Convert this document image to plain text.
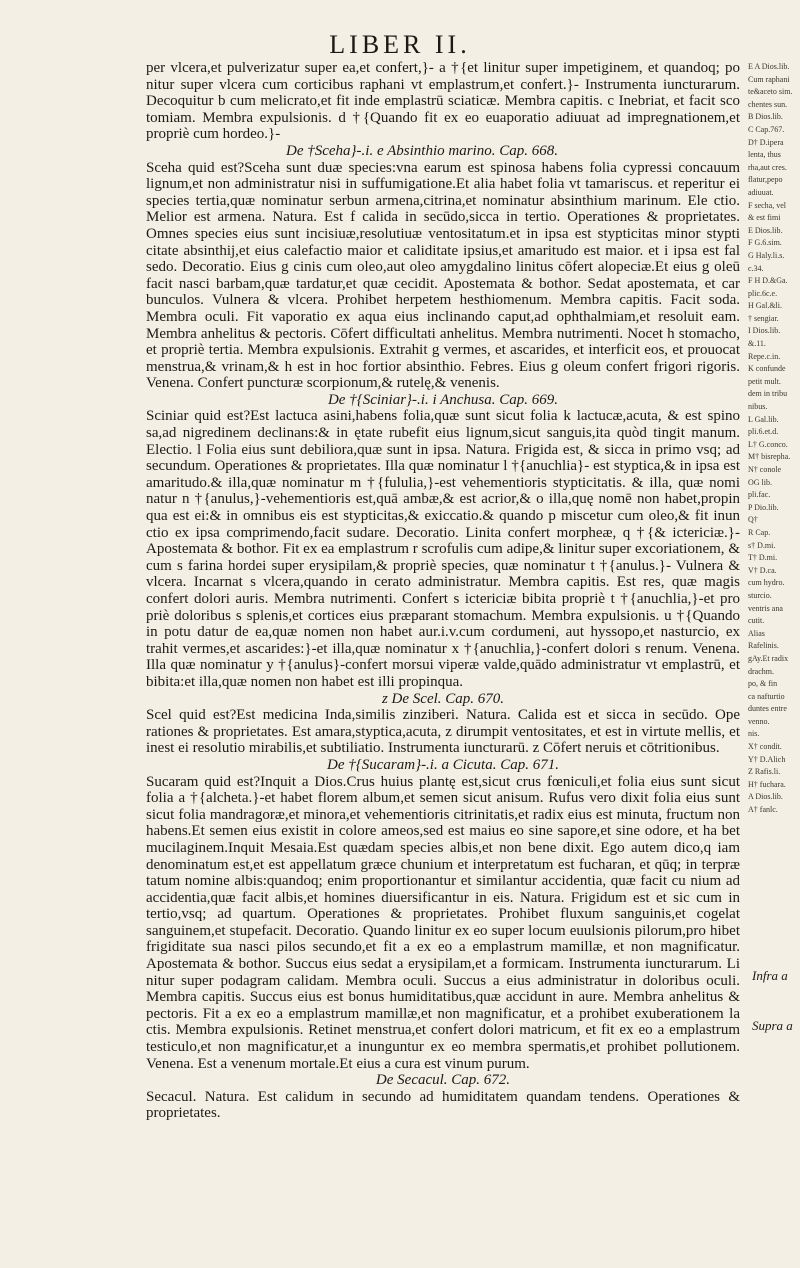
LIBER II.

per vlcera,et pulverizatur super ea,et confert,}- a †{et linitur super impetiginem, et quandoq; po nitur super vlcera cum corticibus raphani vt emplastrum,et confert.}- Instrumenta iuncturarum. Decoquitur b cum melicrato,et fit inde emplastrū sciaticæ. Membra capitis. c Inebriat, et facit sco tomiam. Membra expulsionis. d †{Quando fit ex eo euaporatio adiuuat ad impregnationem,et propriè cum hordeo.}-

De †Sceha}-.i. e Absinthio marino. Cap. 668.

Sceha quid est?Sceha sunt duæ species:vna earum est spinosa habens folia cypressi concauum lignum,et non administratur nisi in suffumigatione.Et alia habet folia vt tamariscus. et reperitur ei species tertia,quæ nominatur serbun armena,citrina,et nominatur absinthium marinum. Ele ctio. Melior est armena. Natura. Est f calida in secūdo,sicca in tertio. Operationes & proprietates. Omnes species eius sunt incisiuæ,resolutiuæ ventositatum.et in ipsa est stypticitas minor stypti citate absinthij,et eius calefactio maior et caliditate ipsius,et amaritudo est maior. et i ipsa est fal sedo. Decoratio. Eius g cinis cum oleo,aut oleo amygdalino linitus cōfert alopeciæ.Et eius g oleū facit nasci barbam,quæ tardatur,et quæ cecidit. Apostemata & bothor. Sedat apostemata, et car bunculos. Vulnera & vlcera. Prohibet herpetem hesthiomenum. Membra capitis. Facit soda. Membra oculi. Fit vaporatio ex aqua eius inclinando caput,ad ophthalmiam,et resoluit eam. Membra anhelitus & pectoris. Cōfert difficultati anhelitus. Membra nutrimenti. Nocet h stomacho, et propriè tertia. Membra expulsionis. Extrahit g vermes, et ascarides, et interficit eos, et prouocat menstrua,& vrinam,& h est in hoc fortior absinthio. Febres. Eius g oleum confert frigori rigoris. Venena. Confert puncturæ scorpionum,& rutelę,& venenis.

De †{Sciniar}-.i. i Anchusa. Cap. 669.

Sciniar quid est?Est lactuca asini,habens folia,quæ sunt sicut folia k lactucæ,acuta, & est spino sa,ad nigredinem declinans:& in ętate rubefit eius lignum,sicut sanguis,ita quòd tingit manum. Electio. l Folia eius sunt debiliora,quæ sunt in ipsa. Natura. Frigida est, & sicca in primo vsq; ad secundum. Operationes & proprietates. Illa quæ nominatur l †{anuchlia}- est styptica,& in ipsa est amaritudo.& illa,quæ nominatur m †{fululia,}-est vehementioris stypticitatis. & illa, quæ nomi natur n †{anulus,}-vehementioris est,quā ambæ,& est acrior,& o illa,quę nomē non habet,propin qua est ei:& in omnibus eis est stypticitas,& exiccatio.& quando p miscetur cum oleo,& fit inun ctio ex ipsa comprimendo,facit sudare. Decoratio. Linita confert morpheæ, q †{& ictericiæ.}- Apostemata & bothor. Fit ex ea emplastrum r scrofulis cum adipe,& linitur super excoriationem, & cum s farina hordei super erysipilam,& propriè species, quæ nominatur t †{anulus.}- Vulnera & vlcera. Incarnat s vlcera,quando in cerato administratur. Membra capitis. Est res, quæ magis confert dolori auris. Membra nutrimenti. Confert s ictericiæ bibita propriè t †{anuchlia,}-et pro priè doloribus s splenis,et cortices eius præparant stomachum. Membra expulsionis. u †{Quando in potu datur de ea,quæ nomen non habet aur.i.v.cum cordumeni, aut hyssopo,et nasturcio, ex trahit vermes,et ascarides:}-et illa,quæ nominatur x †{anuchlia,}-confert dolori s renum. Venena. Illa quæ nominatur y †{anulus}-confert morsui viperæ valde,quādo administratur vt emplastrū, et bibita:et illa,quæ nomen non habet est illi propinqua.

z De Scel. Cap. 670.

Scel quid est?Est medicina Inda,similis zinziberi. Natura. Calida est et sicca in secūdo. Ope rationes & proprietates. Est amara,styptica,acuta, z dirumpit ventositates, et est in virtute mellis, et inest ei resolutio mirabilis,et subtiliatio. Instrumenta iuncturarū. z Cōfert neruis et cōtritionibus.

De †{Sucaram}-.i. a Cicuta. Cap. 671.

Sucaram quid est?Inquit a Dios.Crus huius plantę est,sicut crus fœniculi,et folia eius sunt sicut folia a †{alcheta.}-et habet florem album,et semen sicut anisum. Rufus vero dixit folia eius sunt sicut folia mandragoræ,et minora,et vehementioris citrinitatis,et radix eius est minuta, fructum non habens.Et semen eius existit in colore ameos,sed est maius eo sine sapore,et sine odore, et ha bet mucilaginem.Inquit Mesaia.Est quædam species albis,et non bene dixit. Ego autem dico,q iam denominatum est,et est appellatum græce chunium et interpretatum est fucharan, et qūq; in terpræ tatum nomine albis:quandoq; enim proportionantur et similantur accidentia, quæ facit cu nium ad accidentia,quæ facit albis,et homines diuersificantur in eis. Natura. Frigidum est et sic cum in tertio,vsq; ad quartum. Operationes & proprietates. Prohibet fluxum sanguinis,et cogelat sanguinem,et stupefacit. Decoratio. Quando linitur ex eo super locum euulsionis pilorum,pro hibet frigiditate sua nasci pilos secundo,et fit a ex eo a emplastrum mamillæ, et non magnificatur. Apostemata & bothor. Succus eius sedat a erysipilam,et a formicam. Instrumenta iuncturarum. Li nitur super podagram calidam. Membra oculi. Succus a eius administratur in doloribus oculi. Membra capitis. Succus eius est bonus humiditatibus,quæ accidunt in aure. Membra anhelitus & pectoris. Fit a ex eo a emplastrum mamillæ,et non magnificatur, et a prohibet exuberationem la ctis. Membra expulsionis. Retinet menstrua,et confert dolori matricum, et fit ex eo a emplastrum testiculo,et non magnificatur,et a inunguntur ex eo membra spermatis,et prohibet pollutionem. Venena. Est a venenum mortale.Et eius a cura est vinum purum.

De Secacul. Cap. 672.

Secacul. Natura. Est calidum in secundo ad humiditatem quandam tendens. Operationes & proprietates.

E A Dios.lib.
Cum raphani
te&aceto sim.
chentes sun.
B Dios.lib.
C Cap.767.
D† D.ipera
lenta, thus
rha,aut cres.
flatur,pepo
adiuuat.
F secha, vel
& est fimi
E Dios.lib.
F G.6.sim.
G Haly.li.s.
c.34.
F H D.&Ga.
plic.6c.e.
H Gal.&li.
† sengiar.
I Dios.lib.
&.11.
Repe.c.in.
K confunde
petit mult.
dem in tribu
nibus.
L Gal.lib.
pli.6.et.d.
L† G.conco.
M† bisrepha.
N† conole
OG lib.
pli.fac.
P Dio.lib.
Q†
R Cap.
s† D.mi.
T† D.mi.
V† D.ca.
cum hydro.
sturcio.
ventris ana
cutit.
Alias
Rafelinis.
gAy.Et radix
drachm.
po, & fin
ca nafturtio
duntes entre
venno.
nis.
X† condit.
Y† D.Alich
Z Rafis.li.
H† fuchara.
A Dios.lib.
A† fanlc.
Infra a
Supra a
